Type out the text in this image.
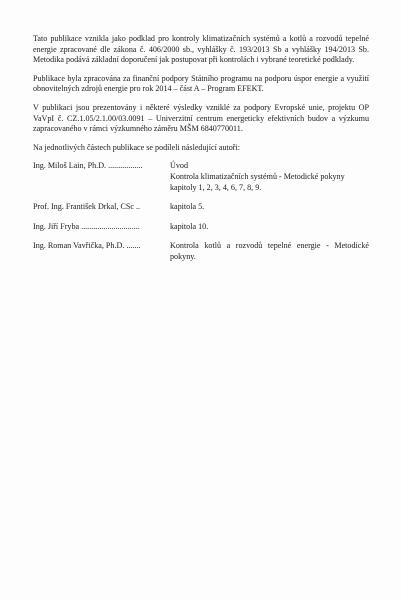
Tato publikace vznikla jako podklad pro kontroly klimatizačních systémů a kotlů a rozvodů tepelné energie zpracované dle zákona č. 406/2000 sb., vyhlášky č. 193/2013 Sb a vyhlášky 194/2013 Sb. Metodika podává základní doporučení jak postupovat při kontrolách i vybrané teoretické podklady.

Publikace byla zpracována za finanční podpory Státního programu na podporu úspor energie a využití obnovitelných zdrojů energie pro rok 2014 – část A – Program EFEKT.

V publikaci jsou prezentovány i některé výsledky vzniklé za podpory Evropské unie, projektu OP VaVpI č. CZ.1.05/2.1.00/03.0091 – Univerzitní centrum energeticky efektivních budov a výzkumu zapracovaného v rámci výzkumného záměru MŠM 6840770011.

Na jednotlivých částech publikace se podíleli následující autoři:

Ing. Miloš Lain, Ph.D. .................	Úvod
Kontrola klimatizačních systémů - Metodické pokyny
kapitoly 1, 2, 3, 4, 6, 7, 8, 9.
Prof. Ing. František Drkal, CSc ..	kapitola 5.
Ing. Jiří Fryba .............................	kapitola 10.
Ing. Roman Vavřička, Ph.D. .......	Kontrola kotlů a rozvodů tepelné energie - Metodické pokyny.
